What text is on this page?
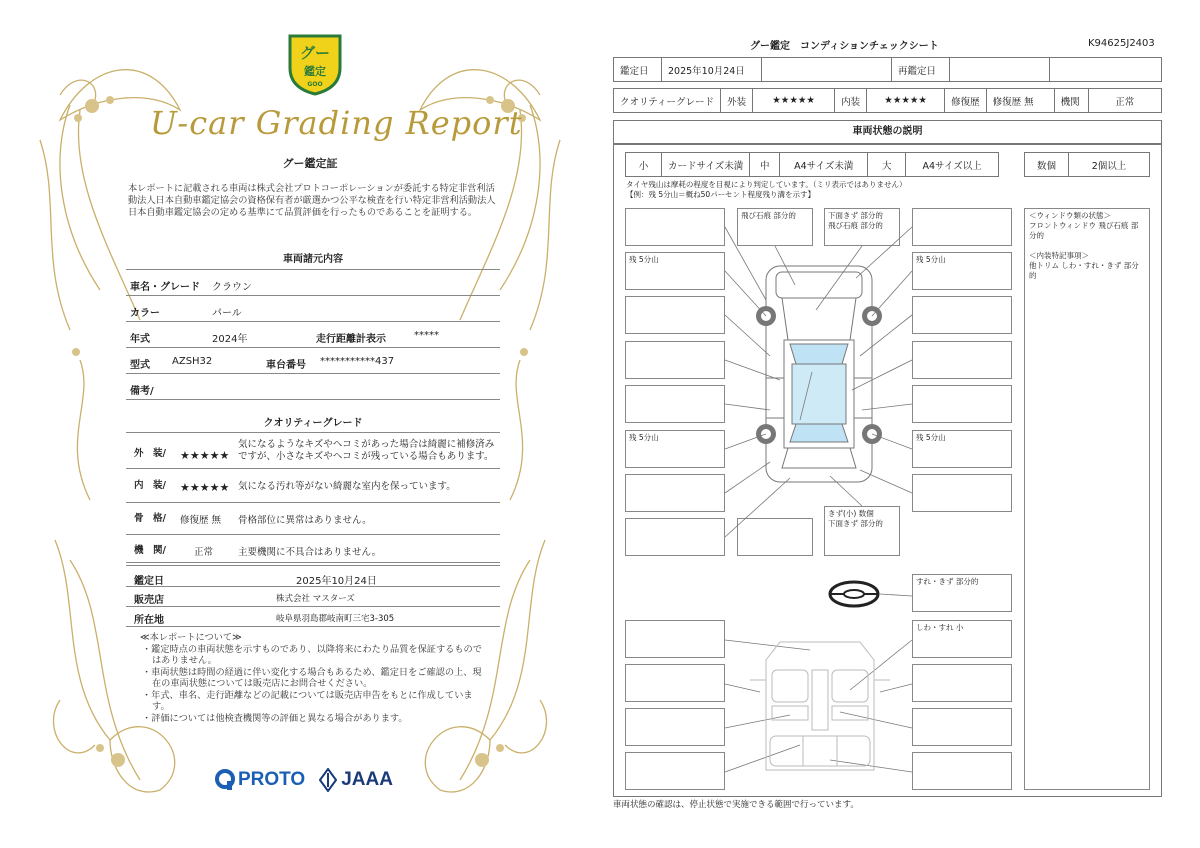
グー
鑑定
GOO
U-car Grading Report
グー鑑定証
本レポートに記載される車両は株式会社プロトコーポレーションが委託する特定非営利活動法人日本自動車鑑定協会の資格保有者が厳選かつ公平な検査を行い特定非営利活動法人日本自動車鑑定協会の定める基準にて品質評価を行ったものであることを証明する。
車両諸元内容
車名・グレード クラウン
カラー	パール
年式	2024年	走行距離計表示	*****
型式 AZSH32	車台番号 ***********437
備考/
クオリティーグレード
外　装/ ★★★★★
気になるようなキズやヘコミがあった場合は綺麗に補修済みですが、小さなキズやヘコミが残っている場合もあります。
内　装/ ★★★★★ 気になる汚れ等がない綺麗な室内を保っています。
骨　格/ 修復歴 無 骨格部位に異常はありません。
機　関/	正常	主要機関に不具合はありません。
鑑定日	2025年10月24日
販売店	株式会社 マスターズ
所在地	岐阜県羽島郡岐南町三宅3-305
≪本レポートについて≫
・鑑定時点の車両状態を示すものであり、以降将来にわたり品質を保証するものではありません。
・車両状態は時間の経過に伴い変化する場合もあるため、鑑定日をご確認の上、現在の車両状態については販売店にお問合せください。
・年式、車名、走行距離などの記載については販売店申告をもとに作成しています。
・評価については他検査機関等の評価と異なる場合があります。
PROTO JAAA
グー鑑定　コンディションチェックシート	K94625J2403
鑑定日	2025年10月24日		再鑑定日		
クオリティーグレード	外装	★★★★★	内装	★★★★★	修復歴	修復歴 無	機関	正常
車両状態の説明
小	カードサイズ未満	中	A4サイズ未満	大	A4サイズ以上	数個	2個以上
タイヤ残山は摩耗の程度を目視により判定しています。（ミリ表示ではありません）
【例：残 5分山＝概ね50パーセント程度残り溝を示す】
残 5分山
残 5分山
残 5分山
残 5分山
すれ・きず 部分的
しわ・すれ 小
飛び石痕 部分的	下面きず 部分的
飛び石痕 部分的
きず(小) 数個
下面きず 部分的
＜ウィンドウ類の状態＞
フロントウィンドウ 飛び石痕 部分的

＜内装特記事項＞
他トリム しわ・すれ・きず 部分的
車両状態の確認は、停止状態で実施できる範囲で行っています。
